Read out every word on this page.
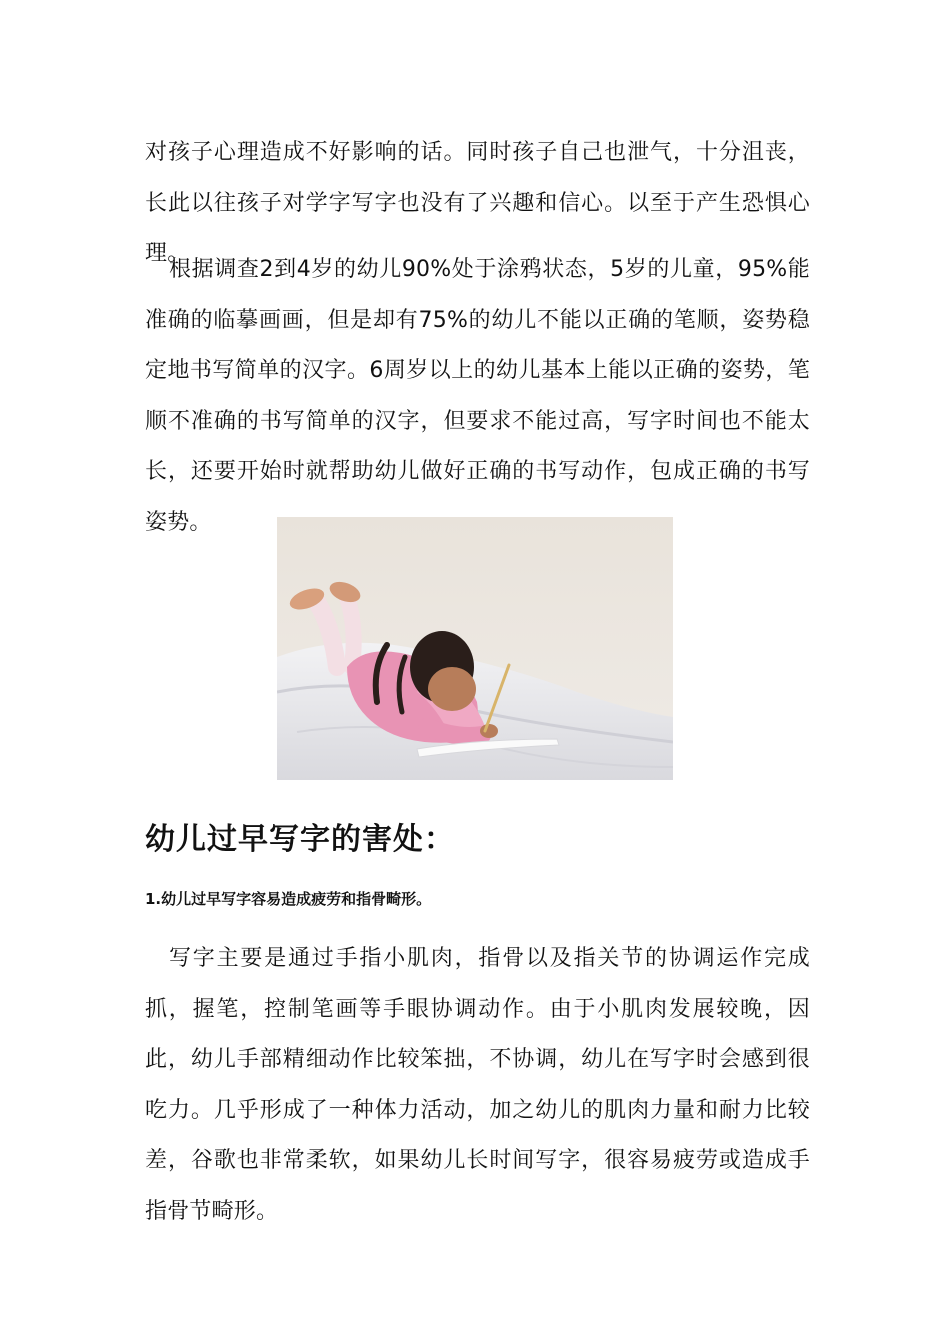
对孩子心理造成不好影响的话。同时孩子自己也泄气，十分沮丧，长此以往孩子对学字写字也没有了兴趣和信心。以至于产生恐惧心理。

根据调查2到4岁的幼儿90%处于涂鸦状态，5岁的儿童，95%能准确的临摹画画，但是却有75%的幼儿不能以正确的笔顺，姿势稳定地书写简单的汉字。6周岁以上的幼儿基本上能以正确的姿势，笔顺不准确的书写简单的汉字，但要求不能过高，写字时间也不能太长，还要开始时就帮助幼儿做好正确的书写动作，包成正确的书写姿势。

幼儿过早写字的害处：
1.幼儿过早写字容易造成疲劳和指骨畸形。

写字主要是通过手指小肌肉，指骨以及指关节的协调运作完成抓，握笔，控制笔画等手眼协调动作。由于小肌肉发展较晚，因此，幼儿手部精细动作比较笨拙，不协调，幼儿在写字时会感到很吃力。几乎形成了一种体力活动，加之幼儿的肌肉力量和耐力比较差，谷歌也非常柔软，如果幼儿长时间写字，很容易疲劳或造成手指骨节畸形。
